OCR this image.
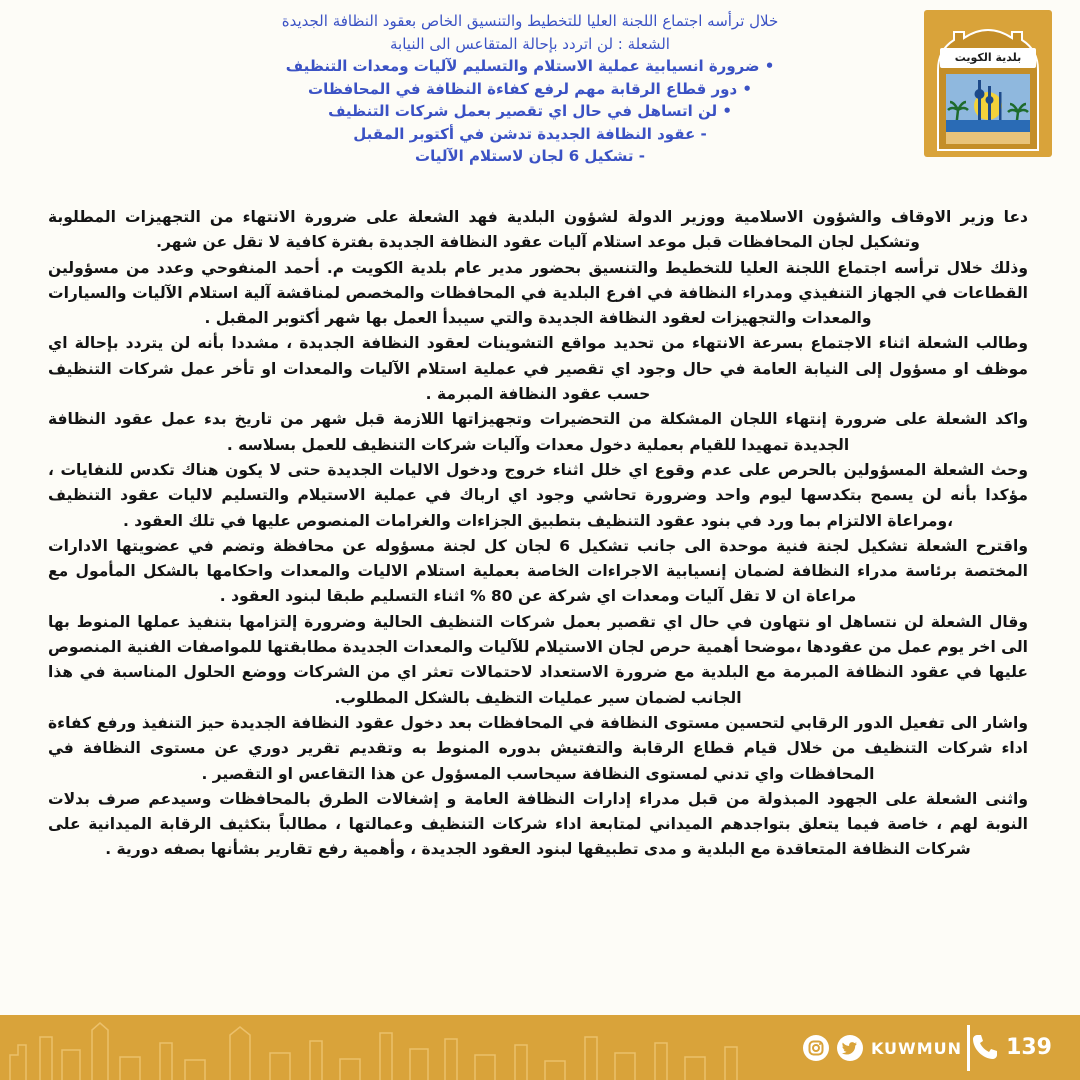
بلدية الكويت

خلال ترأسه اجتماع اللجنة العليا للتخطيط والتنسيق الخاص بعقود النظافة الجديدة

الشعلة : لن اتردد بإحالة المتقاعس الى النيابة

• ضرورة انسيابية عملية الاستلام والتسليم لآليات ومعدات التنظيف

• دور قطاع الرقابة مهم لرفع كفاءة النظافة في المحافظات

• لن اتساهل في حال اي تقصير بعمل شركات التنظيف

- عقود النظافة الجديدة تدشن في أكتوبر المقبل

- تشكيل 6 لجان لاستلام الآليات

دعا وزير الاوقاف والشؤون الاسلامية ووزير الدولة لشؤون البلدية فهد الشعلة على ضرورة الانتهاء من التجهيزات المطلوبة وتشكيل لجان المحافظات قبل موعد استلام آليات عقود النظافة الجديدة بفترة كافية لا تقل عن شهر.

وذلك خلال ترأسه اجتماع اللجنة العليا للتخطيط والتنسيق بحضور مدير عام بلدية الكويت م. أحمد المنفوحي وعدد من مسؤولين القطاعات في الجهاز التنفيذي ومدراء النظافة في افرع البلدية في المحافظات والمخصص لمناقشة آلية استلام الآليات والسيارات والمعدات والتجهيزات لعقود النظافة الجديدة والتي سيبدأ العمل بها شهر أكتوبر المقبل .

وطالب الشعلة اثناء الاجتماع بسرعة الانتهاء من تحديد مواقع التشوينات لعقود النظافة الجديدة ، مشددا بأنه لن يتردد بإحالة اي موظف او مسؤول إلى النيابة العامة في حال وجود اي تقصير في عملية استلام الآليات والمعدات او تأخر عمل شركات التنظيف حسب عقود النظافة المبرمة .

واكد الشعلة على ضرورة إنتهاء اللجان المشكلة من التحضيرات وتجهيزاتها اللازمة قبل شهر من تاريخ بدء عمل عقود النظافة الجديدة تمهيدا للقيام بعملية دخول معدات وآليات شركات التنظيف للعمل بسلاسه .

وحث الشعلة المسؤولين بالحرص على عدم وقوع اي خلل اثناء خروج ودخول الاليات الجديدة حتى لا يكون هناك تكدس للنفايات ، مؤكدا بأنه لن يسمح بتكدسها ليوم واحد وضرورة تحاشي وجود اي ارباك في عملية الاستيلام والتسليم لاليات عقود التنظيف ،ومراعاة الالتزام بما ورد في بنود عقود التنظيف بتطبيق الجزاءات والغرامات المنصوص عليها في تلك العقود .

واقترح الشعلة تشكيل لجنة فنية موحدة الى جانب تشكيل 6 لجان كل لجنة مسؤوله عن محافظة وتضم في عضويتها الادارات المختصة برئاسة مدراء النظافة لضمان إنسيابية الاجراءات الخاصة بعملية استلام الاليات والمعدات واحكامها بالشكل المأمول مع مراعاة ان لا تقل آليات ومعدات اي شركة عن 80 % اثناء التسليم طبقا لبنود العقود .

وقال الشعلة لن نتساهل او نتهاون في حال اي تقصير بعمل شركات التنظيف الحالية وضرورة إلتزامها بتنفيذ عملها المنوط بها الى اخر يوم عمل من عقودها ،موضحا أهمية حرص لجان الاستيلام للآليات والمعدات الجديدة مطابقتها للمواصفات الفنية المنصوص عليها في عقود النظافة المبرمة مع البلدية مع ضرورة الاستعداد لاحتمالات تعثر اي من الشركات ووضع الحلول المناسبة في هذا الجانب لضمان سير عمليات التظيف بالشكل المطلوب.

واشار الى تفعيل الدور الرقابي لتحسين مستوى النظافة في المحافظات بعد دخول عقود النظافة الجديدة حيز التنفيذ ورفع كفاءة اداء شركات التنظيف من خلال قيام قطاع الرقابة والتفتيش بدوره المنوط به وتقديم تقرير دوري عن مستوى النظافة في المحافظات واي تدني لمستوى النظافة سيحاسب المسؤول عن هذا التقاعس او التقصير .

واثنى الشعلة على الجهود المبذولة من قبل مدراء إدارات النظافة العامة و إشغالات الطرق بالمحافظات وسيدعم صرف بدلات النوبة لهم ، خاصة فيما يتعلق بتواجدهم الميداني لمتابعة اداء شركات التنظيف وعمالتها ، مطالباً بتكثيف الرقابة الميدانية على شركات النظافة المتعاقدة مع البلدية و مدى تطبيقها لبنود العقود الجديدة ، وأهمية رفع تقارير بشأنها بصفه دورية .

KUWMUN 139
